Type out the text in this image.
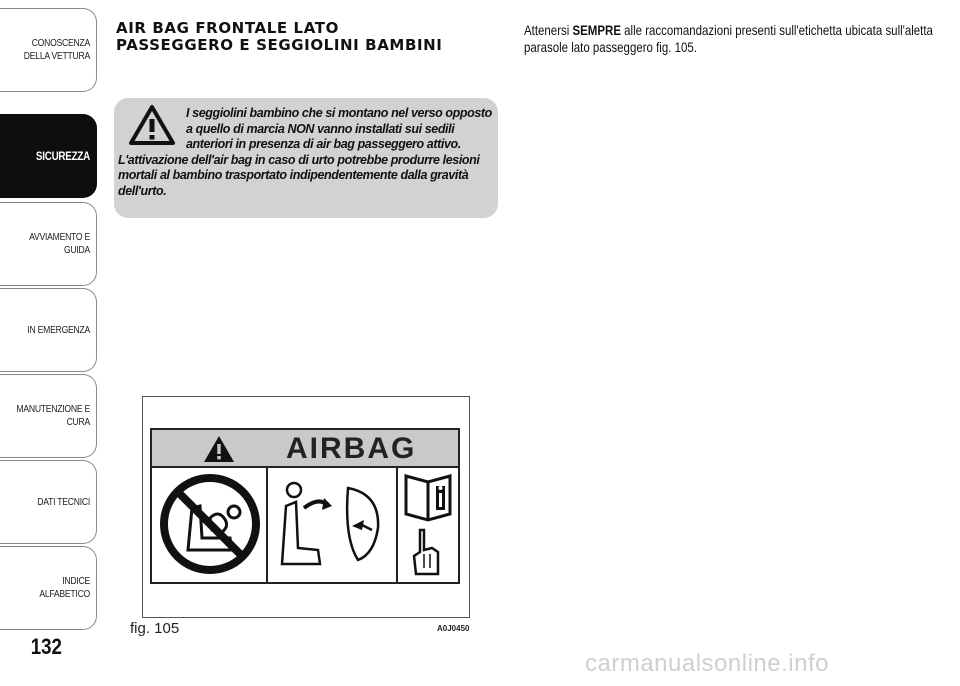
CONOSCENZA DELLA VETTURA
SICUREZZA
AVVIAMENTO E GUIDA
IN EMERGENZA
MANUTENZIONE E CURA
DATI TECNICI
INDICE ALFABETICO
132
AIR BAG FRONTALE LATO
PASSEGGERO E SEGGIOLINI BAMBINI
I seggiolini bambino che si montano nel verso opposto
a quello di marcia NON vanno installati sui sedili
anteriori in presenza di air bag passeggero attivo.
L'attivazione dell'air bag in caso di urto potrebbe produrre lesioni
mortali al bambino trasportato indipendentemente dalla gravità
dell'urto.
Attenersi SEMPRE alle raccomandazioni presenti sull'etichetta ubicata sull'aletta parasole lato passeggero fig. 105.
AIRBAG
fig. 105	A0J0450
carmanualsonline.info
